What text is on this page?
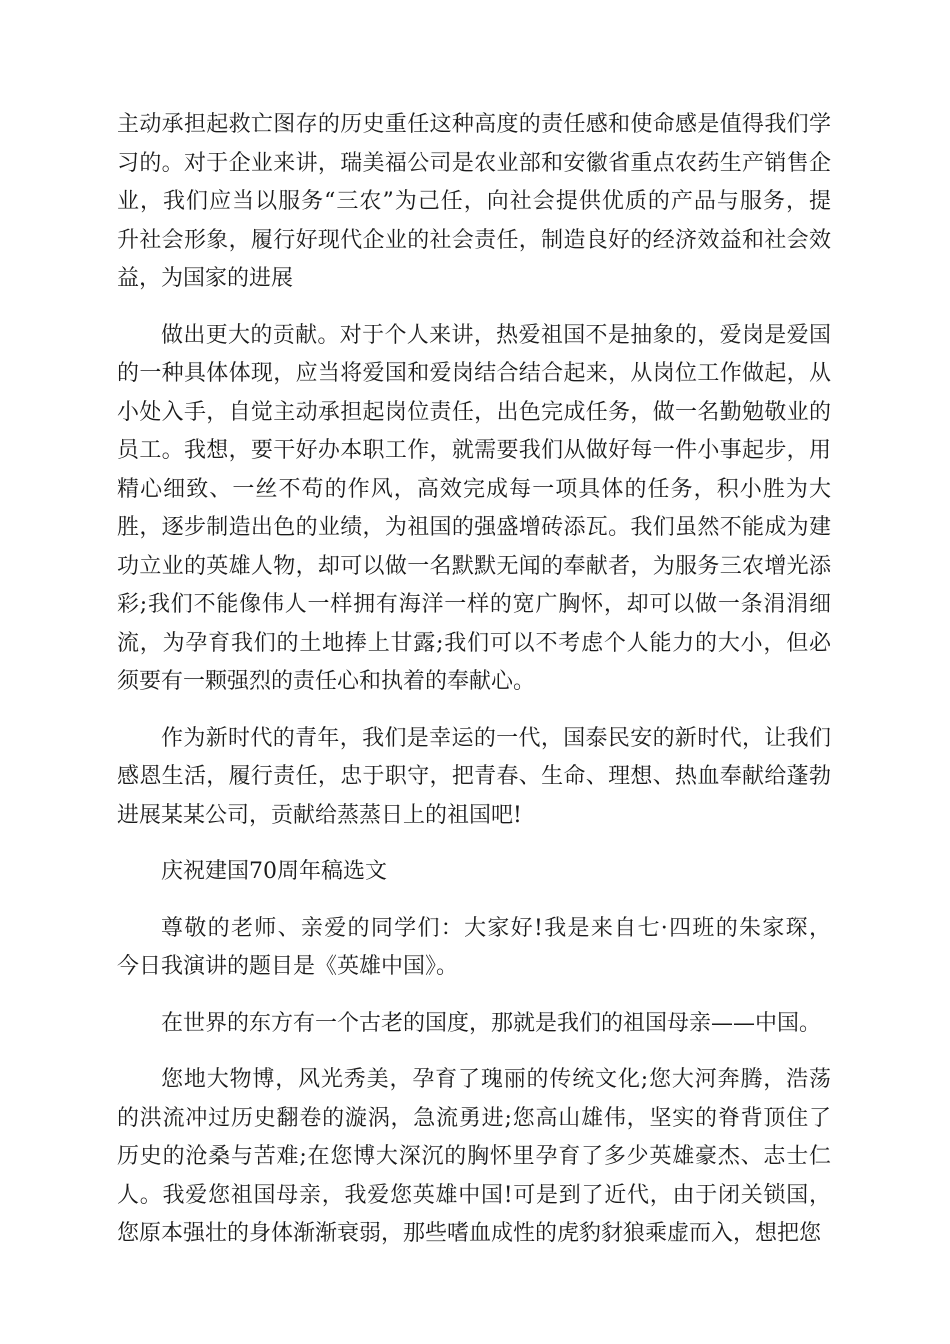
主动承担起救亡图存的历史重任这种高度的责任感和使命感是值得我们学
习的。对于企业来讲，瑞美福公司是农业部和安徽省重点农药生产销售企
业，我们应当以服务“三农”为己任，向社会提供优质的产品与服务，提
升社会形象，履行好现代企业的社会责任，制造良好的经济效益和社会效
益，为国家的进展
做出更大的贡献。对于个人来讲，热爱祖国不是抽象的，爱岗是爱国
的一种具体体现，应当将爱国和爱岗结合结合起来，从岗位工作做起，从
小处入手，自觉主动承担起岗位责任，出色完成任务，做一名勤勉敬业的
员工。我想，要干好办本职工作，就需要我们从做好每一件小事起步，用
精心细致、一丝不苟的作风，高效完成每一项具体的任务，积小胜为大
胜，逐步制造出色的业绩，为祖国的强盛增砖添瓦。我们虽然不能成为建
功立业的英雄人物，却可以做一名默默无闻的奉献者，为服务三农增光添
彩;我们不能像伟人一样拥有海洋一样的宽广胸怀，却可以做一条涓涓细
流，为孕育我们的土地捧上甘露;我们可以不考虑个人能力的大小，但必
须要有一颗强烈的责任心和执着的奉献心。
作为新时代的青年，我们是幸运的一代，国泰民安的新时代，让我们
感恩生活，履行责任，忠于职守，把青春、生命、理想、热血奉献给蓬勃
进展某某公司，贡献给蒸蒸日上的祖国吧!
庆祝建国70周年稿选文
尊敬的老师、亲爱的同学们：大家好!我是来自七·四班的朱家琛，
今日我演讲的题目是《英雄中国》。
在世界的东方有一个古老的国度，那就是我们的祖国母亲——中国。
您地大物博，风光秀美，孕育了瑰丽的传统文化;您大河奔腾，浩荡
的洪流冲过历史翻卷的漩涡，急流勇进;您高山雄伟，坚实的脊背顶住了
历史的沧桑与苦难;在您博大深沉的胸怀里孕育了多少英雄豪杰、志士仁
人。我爱您祖国母亲，我爱您英雄中国!可是到了近代，由于闭关锁国，
您原本强壮的身体渐渐衰弱，那些嗜血成性的虎豹豺狼乘虚而入，想把您
